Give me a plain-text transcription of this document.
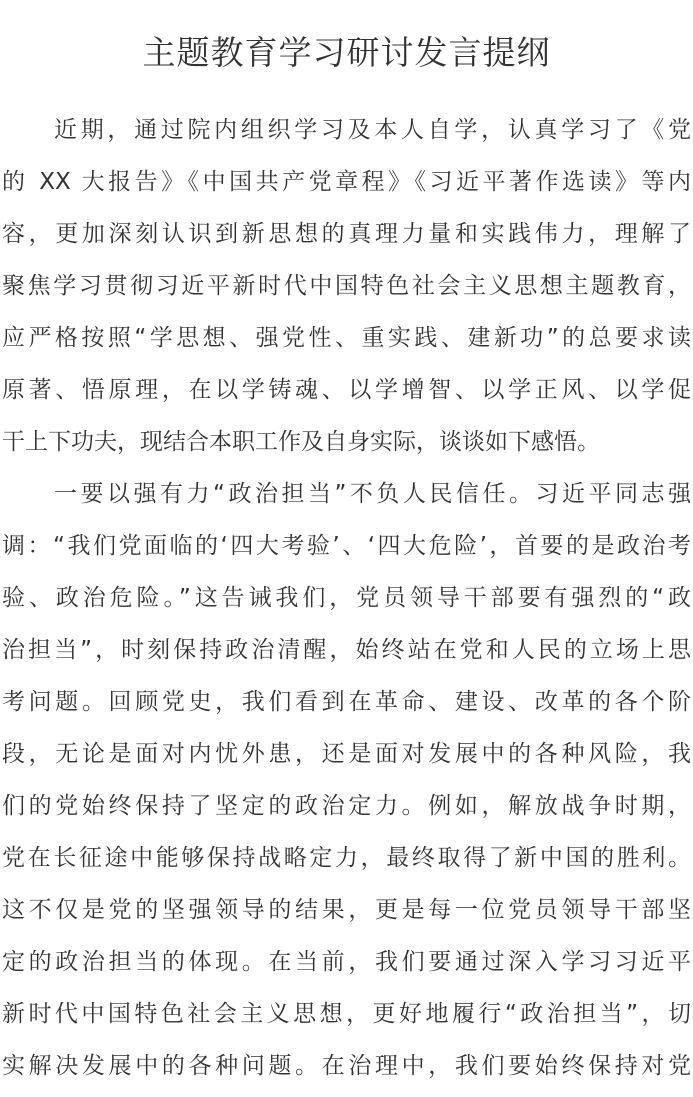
主题教育学习研讨发言提纲
近期，通过院内组织学习及本人自学，认真学习了《党
的 XX 大报告》《中国共产党章程》《习近平著作选读》等内
容，更加深刻认识到新思想的真理力量和实践伟力，理解了
聚焦学习贯彻习近平新时代中国特色社会主义思想主题教育，
应严格按照“学思想、强党性、重实践、建新功”的总要求读
原著、悟原理，在以学铸魂、以学增智、以学正风、以学促
干上下功夫，现结合本职工作及自身实际，谈谈如下感悟。
一要以强有力“政治担当”不负人民信任。习近平同志强
调：“我们党面临的‘四大考验’、‘四大危险’，首要的是政治考
验、政治危险。”这告诫我们，党员领导干部要有强烈的“政
治担当”，时刻保持政治清醒，始终站在党和人民的立场上思
考问题。回顾党史，我们看到在革命、建设、改革的各个阶
段，无论是面对内忧外患，还是面对发展中的各种风险，我
们的党始终保持了坚定的政治定力。例如，解放战争时期，
党在长征途中能够保持战略定力，最终取得了新中国的胜利。
这不仅是党的坚强领导的结果，更是每一位党员领导干部坚
定的政治担当的体现。在当前，我们要通过深入学习习近平
新时代中国特色社会主义思想，更好地履行“政治担当”，切
实解决发展中的各种问题。在治理中，我们要始终保持对党
